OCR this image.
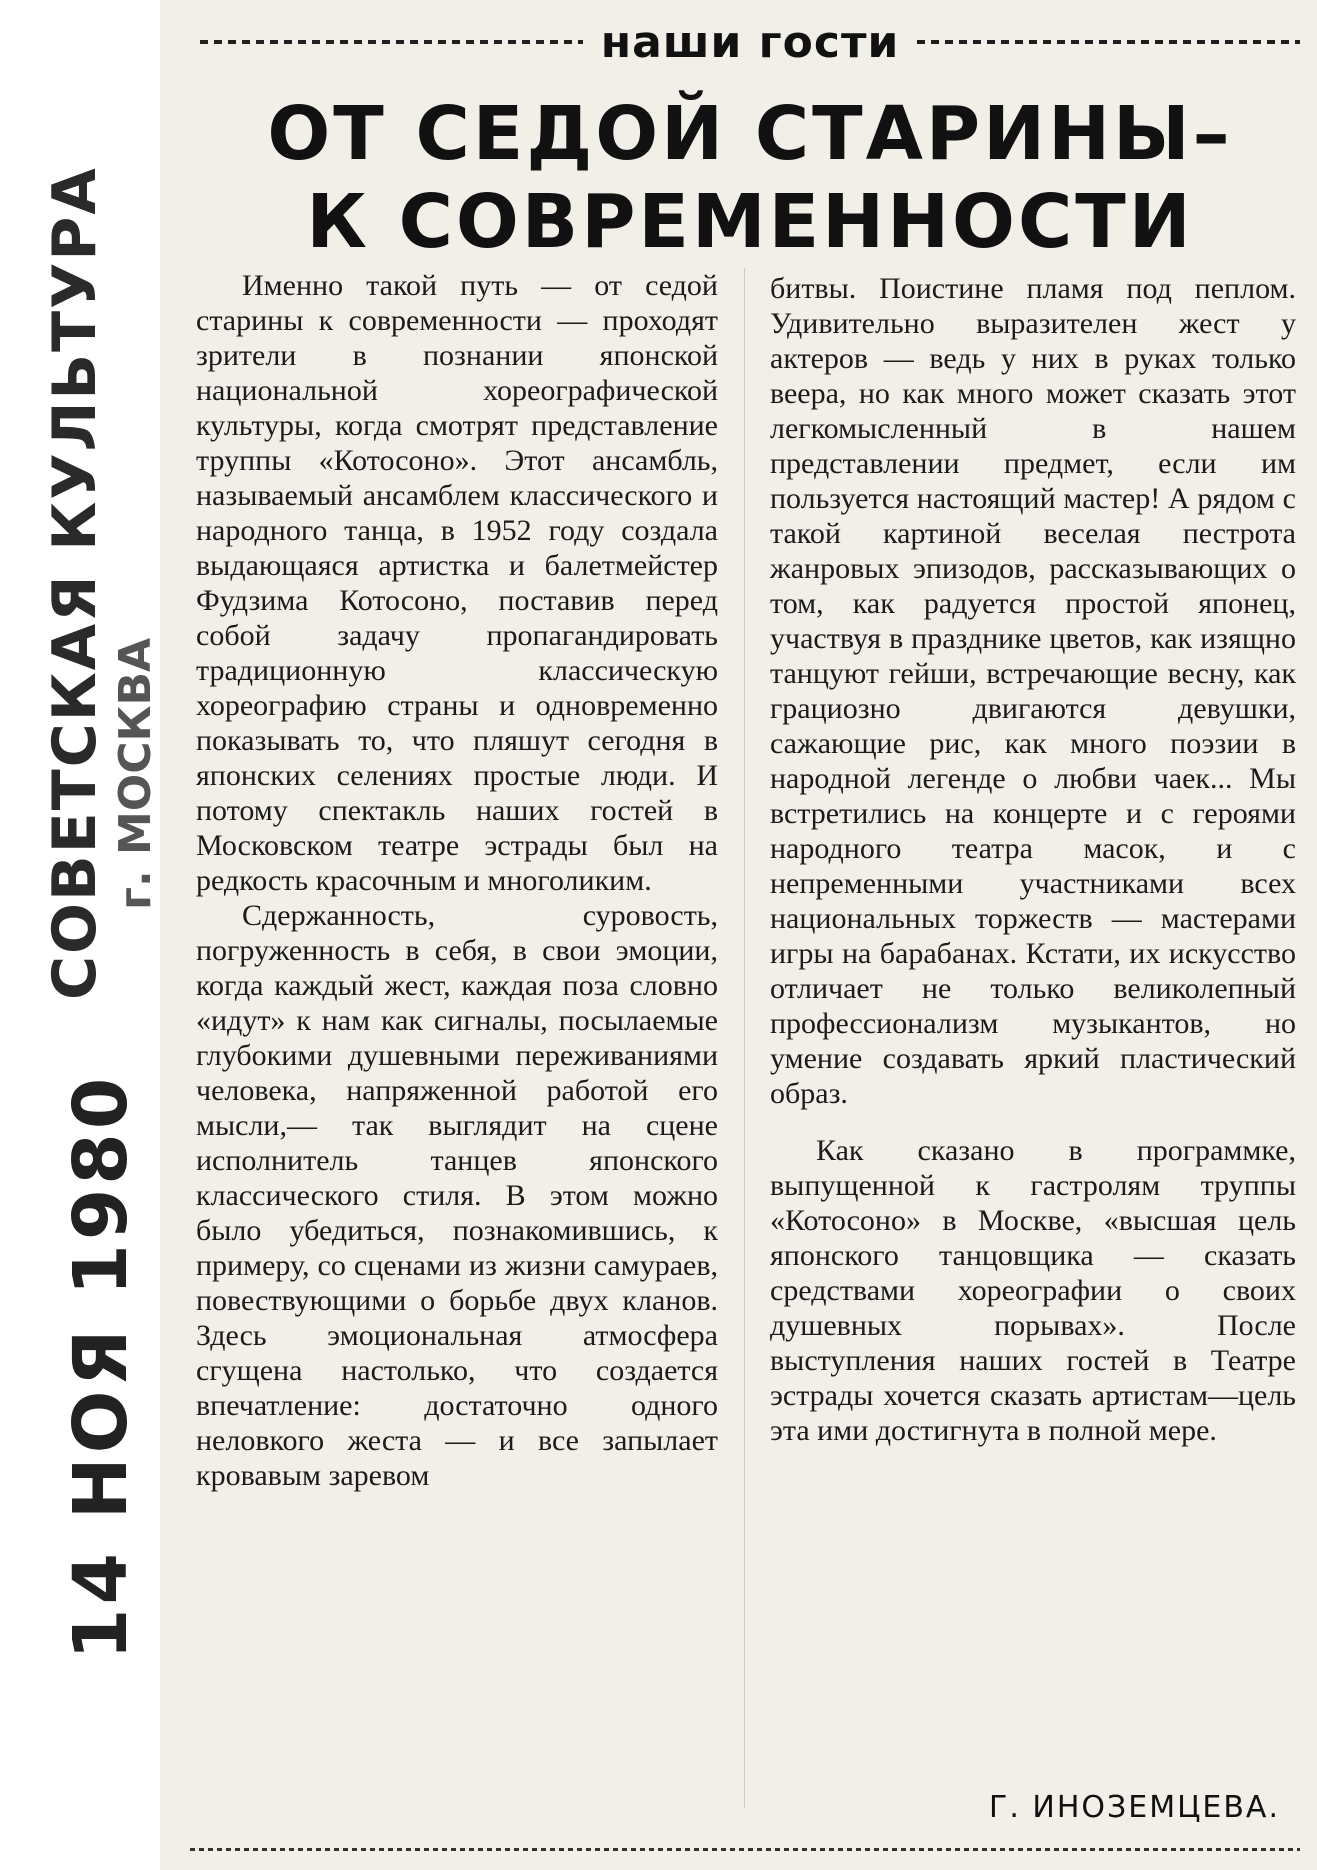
СОВЕТСКАЯ КУЛЬТУРА г. МОСКВА
14 НОЯ 1980
наши гости
ОТ СЕДОЙ СТАРИНЫ–
К СОВРЕМЕННОСТИ

Именно такой путь — от седой старины к современности — проходят зрители в познании японской национальной хореографической культуры, когда смотрят представление труппы «Котосоно». Этот ансамбль, называемый ансамблем классического и народного танца, в 1952 году создала выдающаяся артистка и балетмейстер Фудзима Котосоно, поставив перед собой задачу пропагандировать традиционную классическую хореографию страны и одновременно показывать то, что пляшут сегодня в японских селениях простые люди. И потому спектакль наших гостей в Московском театре эстрады был на редкость красочным и многоликим.

Сдержанность, суровость, погруженность в себя, в свои эмоции, когда каждый жест, каждая поза словно «идут» к нам как сигналы, посылаемые глубокими душевными переживаниями человека, напряженной работой его мысли,— так выглядит на сцене исполнитель танцев японского классического стиля. В этом можно было убедиться, познакомившись, к примеру, со сценами из жизни самураев, повествующими о борьбе двух кланов. Здесь эмоциональная атмосфера сгущена настолько, что создается впечатление: достаточно одного неловкого жеста — и все запылает кровавым заревом

битвы. Поистине пламя под пеплом. Удивительно выразителен жест у актеров — ведь у них в руках только веера, но как много может сказать этот легкомысленный в нашем представлении предмет, если им пользуется настоящий мастер! А рядом с такой картиной веселая пестрота жанровых эпизодов, рассказывающих о том, как радуется простой японец, участвуя в празднике цветов, как изящно танцуют гейши, встречающие весну, как грациозно двигаются девушки, сажающие рис, как много поэзии в народной легенде о любви чаек... Мы встретились на концерте и с героями народного театра масок, и с непременными участниками всех национальных торжеств — мастерами игры на барабанах. Кстати, их искусство отличает не только великолепный профессионализм музыкантов, но умение создавать яркий пластический образ.

Как сказано в программке, выпущенной к гастролям труппы «Котосоно» в Москве, «высшая цель японского танцовщика — сказать средствами хореографии о своих душевных порывах». После выступления наших гостей в Театре эстрады хочется сказать артистам—цель эта ими достигнута в полной мере.

Г. ИНОЗЕМЦЕВА.
